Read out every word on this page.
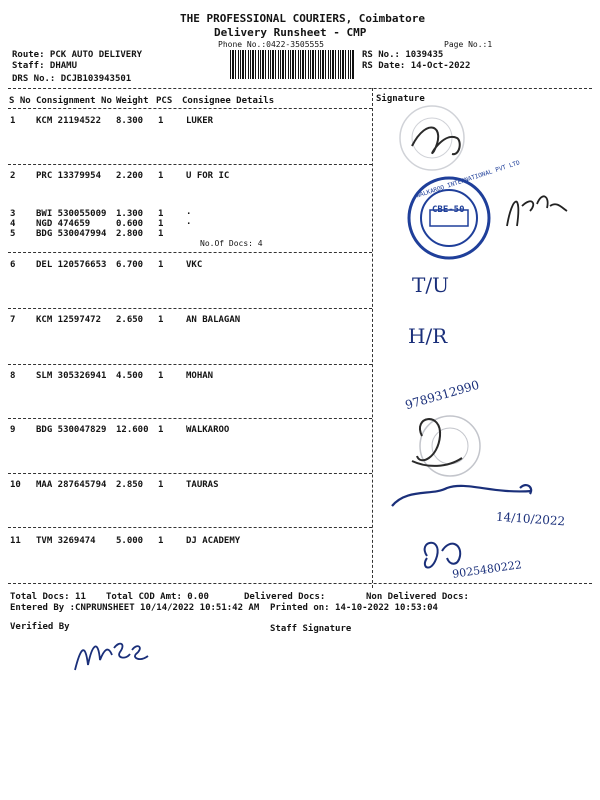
THE PROFESSIONAL COURIERS, Coimbatore
Delivery Runsheet - CMP
Phone No.:0422-3505555	Page No.:1
Route: PCK AUTO DELIVERY
Staff: DHAMU
DRS No.: DCJB103943501
RS No.: 1039435
RS Date: 14-Oct-2022
S No Consignment No Weight PCS Consignee Details	Signature
1 KCM 21194522 8.300 1	LUKER
2 PRC 13379954 2.200 1	U FOR IC
3 BWI 530055009 1.300 1	.
4 NGD 474659	0.600 1	.
5 BDG 530047994 2.800 1
No.Of Docs: 4
6 DEL 120576653 6.700 1	VKC
7 KCM 12597472 2.650 1	AN BALAGAN
8 SLM 305326941 4.500 1	MOHAN
9 BDG 530047829 12.600 1	WALKAROO
10 MAA 287645794 2.850 1	TAURAS
11 TVM 3269474 5.000 1	DJ ACADEMY
CBE-50
WALKAROO INTERNATIONAL PVT LTD
T/U
H/R
9789312990
14/10/2022
9025480222
Total Docs: 11 Total COD Amt: 0.00	Delivered Docs:	Non Delivered Docs:
Entered By :CNPRUNSHEET 10/14/2022 10:51:42 AM Printed on: 14-10-2022 10:53:04
Verified By	Staff Signature
